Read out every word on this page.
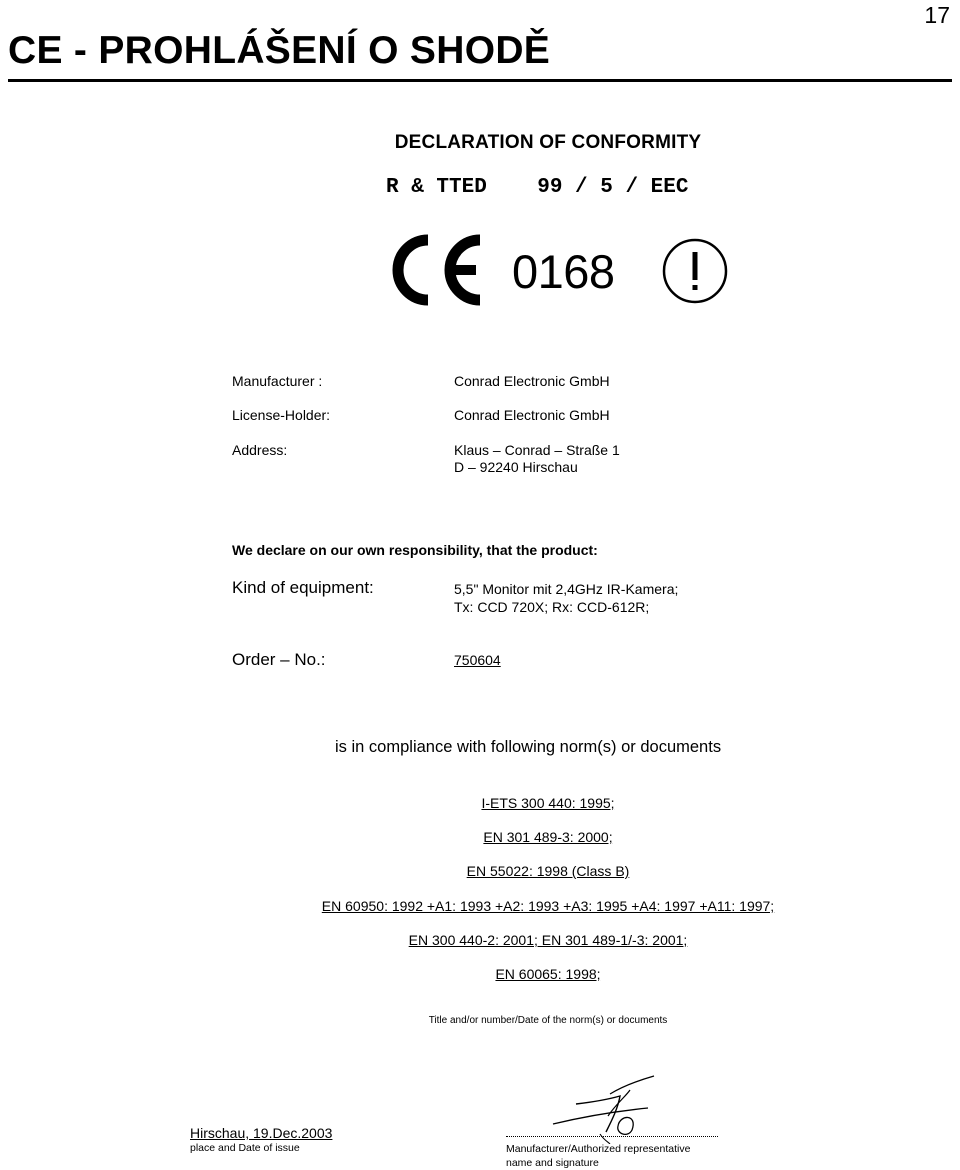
CE - PROHLÁŠENÍ O SHODĚ
17
DECLARATION OF CONFORMITY
R & TTED    99 / 5 / EEC
0168
Manufacturer :	Conrad Electronic GmbH
License-Holder:	Conrad Electronic GmbH
Address:	Klaus – Conrad – Straße 1
D – 92240 Hirschau
We declare on our own responsibility, that the product:
Kind of equipment:	5,5" Monitor mit 2,4GHz IR-Kamera;
Tx: CCD 720X; Rx: CCD-612R;
Order – No.:	750604
is in compliance with following norm(s) or documents
I-ETS 300 440: 1995;
EN 301 489-3: 2000;
EN 55022: 1998 (Class B)
EN 60950: 1992 +A1: 1993 +A2: 1993 +A3: 1995 +A4: 1997 +A11: 1997;
EN 300 440-2: 2001; EN 301 489-1/-3: 2001;
EN 60065: 1998;
Title and/or number/Date of the norm(s) or documents
Hirschau, 19.Dec.2003
place and Date of issue	Manufacturer/Authorized representative
name and signature
